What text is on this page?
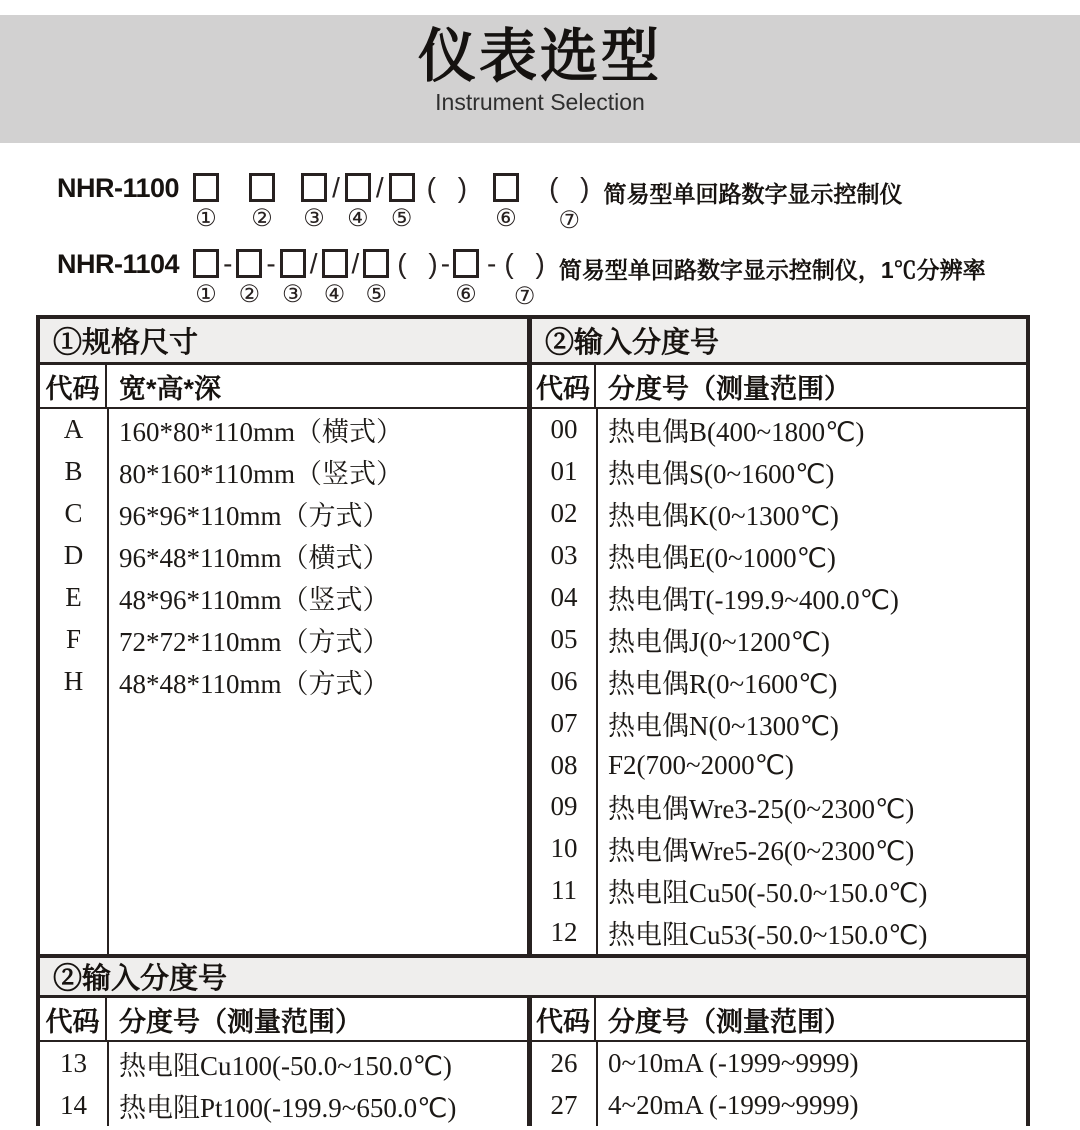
仪表选型
Instrument Selection
NHR-1100
① ② ③
/
④
/
⑤
( )
⑥
( )
⑦
简易型单回路数字显示控制仪
NHR-1104
①
-
②
-
③
/
④
/
⑤
( ) -
⑥
- ( )
⑦
简易型单回路数字显示控制仪，1℃分辨率
①规格尺寸	②输入分度号
代码 宽*高*深	代码 分度号（测量范围）
A	160*80*110mm（横式）
B	80*160*110mm（竖式）
C	96*96*110mm（方式）
D	96*48*110mm（横式）
E	48*96*110mm（竖式）
F	72*72*110mm（方式）
H	48*48*110mm（方式）
00	热电偶B(400~1800℃)
01	热电偶S(0~1600℃)
02	热电偶K(0~1300℃)
03	热电偶E(0~1000℃)
04	热电偶T(-199.9~400.0℃)
05	热电偶J(0~1200℃)
06	热电偶R(0~1600℃)
07	热电偶N(0~1300℃)
08	F2(700~2000℃)
09	热电偶Wre3-25(0~2300℃)
10	热电偶Wre5-26(0~2300℃)
11	热电阻Cu50(-50.0~150.0℃)
12	热电阻Cu53(-50.0~150.0℃)
②输入分度号
代码 分度号（测量范围）	代码 分度号（测量范围）
13	热电阻Cu100(-50.0~150.0℃)
14	热电阻Pt100(-199.9~650.0℃)
26	0~10mA (-1999~9999)
27	4~20mA (-1999~9999)
